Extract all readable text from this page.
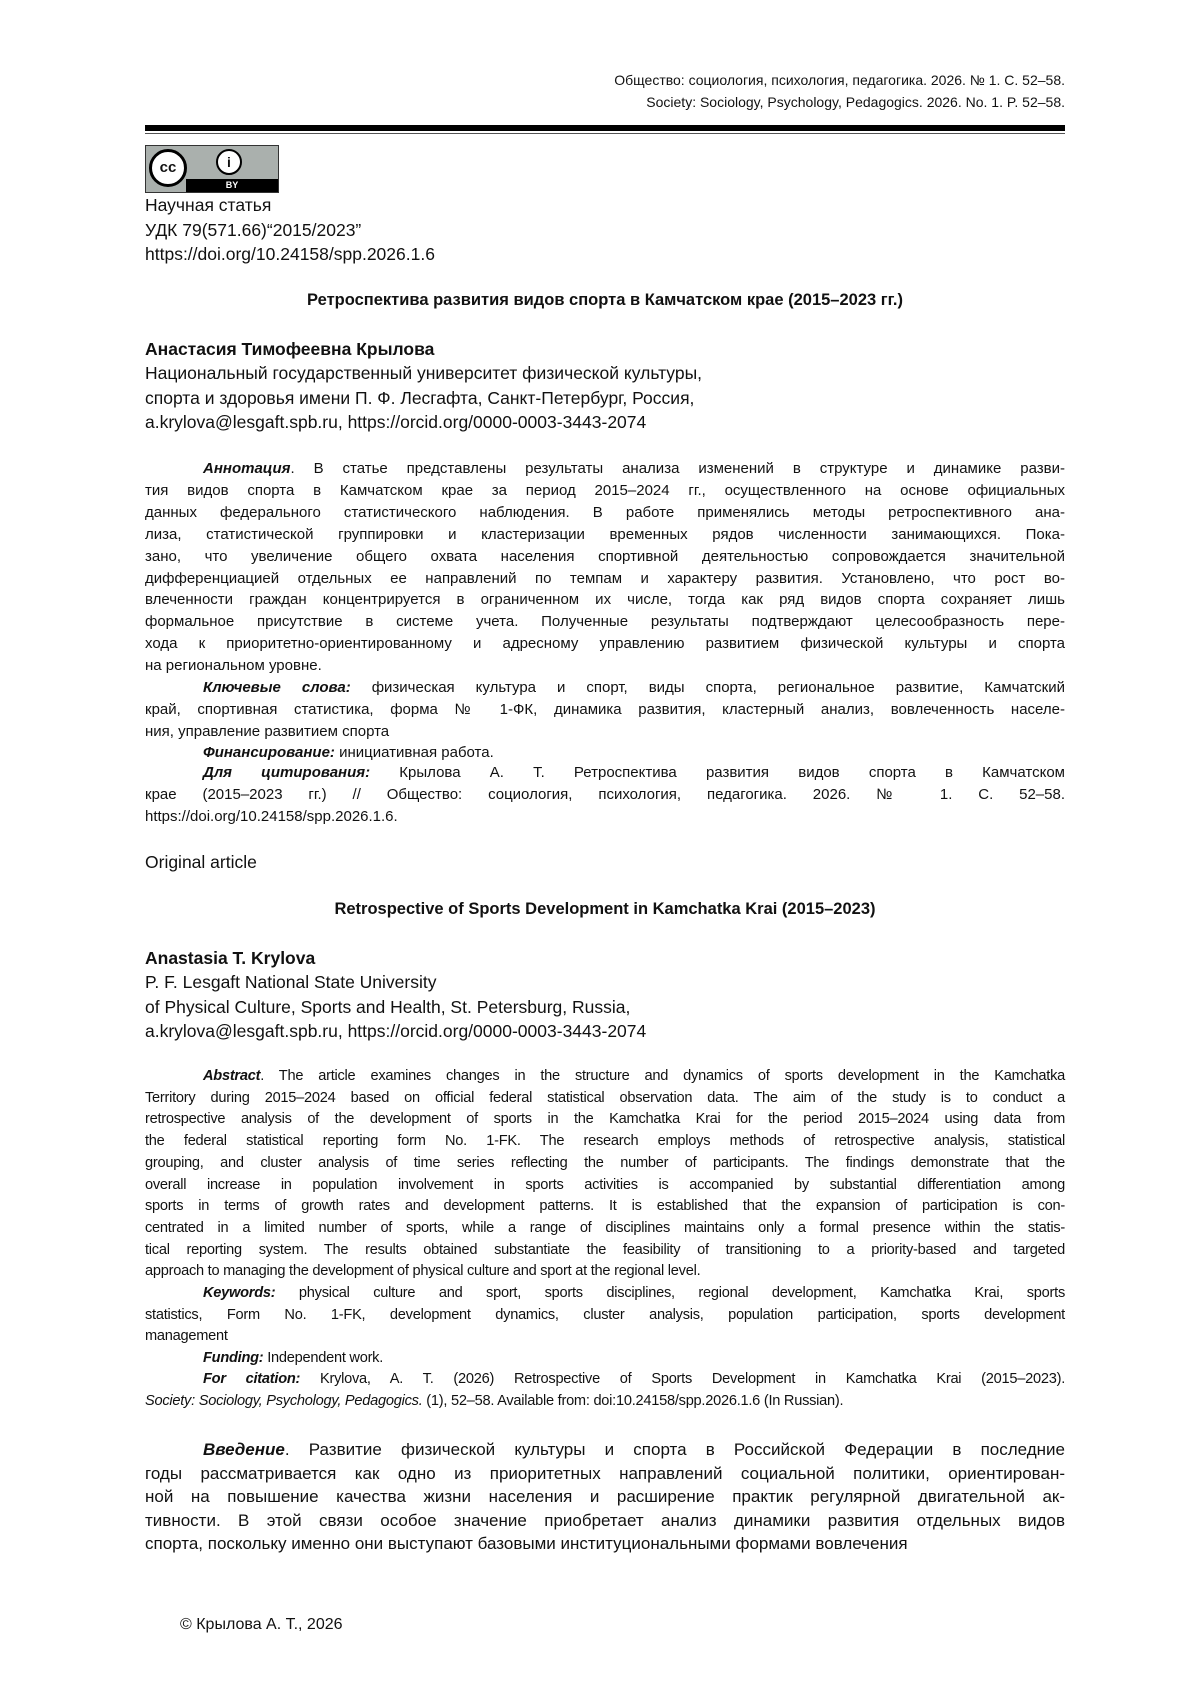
Общество: социология, психология, педагогика. 2026. № 1. С. 52–58.
Society: Sociology, Psychology, Pedagogics. 2026. No. 1. P. 52–58.
cc	i
BY
Научная статья
УДК 79(571.66)“2015/2023”
https://doi.org/10.24158/spp.2026.1.6
Ретроспектива развития видов спорта в Камчатском крае (2015–2023 гг.)
Анастасия Тимофеевна Крылова
Национальный государственный университет физической культуры,
спорта и здоровья имени П. Ф. Лесгафта, Санкт-Петербург, Россия,
a.krylova@lesgaft.spb.ru, https://orcid.org/0000-0003-3443-2074
Аннотация. В статье представлены результаты анализа изменений в структуре и динамике разви-
тия видов спорта в Камчатском крае за период 2015–2024 гг., осуществленного на основе официальных
данных федерального статистического наблюдения. В работе применялись методы ретроспективного ана-
лиза, статистической группировки и кластеризации временных рядов численности занимающихся. Пока-
зано, что увеличение общего охвата населения спортивной деятельностью сопровождается значительной
дифференциацией отдельных ее направлений по темпам и характеру развития. Установлено, что рост во-
влеченности граждан концентрируется в ограниченном их числе, тогда как ряд видов спорта сохраняет лишь
формальное присутствие в системе учета. Полученные результаты подтверждают целесообразность пере-
хода к приоритетно-ориентированному и адресному управлению развитием физической культуры и спорта
на региональном уровне.
Ключевые слова: физическая культура и спорт, виды спорта, региональное развитие, Камчатский
край, спортивная статистика, форма № 1-ФК, динамика развития, кластерный анализ, вовлеченность населе-
ния, управление развитием спорта
Финансирование: инициативная работа.
Для цитирования: Крылова А. Т. Ретроспектива развития видов спорта в Камчатском
крае (2015–2023 гг.) // Общество: социология, психология, педагогика. 2026. № 1. С. 52–58.
https://doi.org/10.24158/spp.2026.1.6.
Original article
Retrospective of Sports Development in Kamchatka Krai (2015–2023)
Anastasia T. Krylova
P. F. Lesgaft National State University
of Physical Culture, Sports and Health, St. Petersburg, Russia,
a.krylova@lesgaft.spb.ru, https://orcid.org/0000-0003-3443-2074
Abstract. The article examines changes in the structure and dynamics of sports development in the Kamchatka
Territory during 2015–2024 based on official federal statistical observation data. The aim of the study is to conduct a
retrospective analysis of the development of sports in the Kamchatka Krai for the period 2015–2024 using data from
the federal statistical reporting form No. 1-FK. The research employs methods of retrospective analysis, statistical
grouping, and cluster analysis of time series reflecting the number of participants. The findings demonstrate that the
overall increase in population involvement in sports activities is accompanied by substantial differentiation among
sports in terms of growth rates and development patterns. It is established that the expansion of participation is con-
centrated in a limited number of sports, while a range of disciplines maintains only a formal presence within the statis-
tical reporting system. The results obtained substantiate the feasibility of transitioning to a priority-based and targeted
approach to managing the development of physical culture and sport at the regional level.
Keywords: physical culture and sport, sports disciplines, regional development, Kamchatka Krai, sports
statistics, Form No. 1-FK, development dynamics, cluster analysis, population participation, sports development
management
Funding: Independent work.
For citation: Krylova, A. T. (2026) Retrospective of Sports Development in Kamchatka Krai (2015–2023).
Society: Sociology, Psychology, Pedagogics. (1), 52–58. Available from: doi:10.24158/spp.2026.1.6 (In Russian).
Введение. Развитие физической культуры и спорта в Российской Федерации в последние
годы рассматривается как одно из приоритетных направлений социальной политики, ориентирован-
ной на повышение качества жизни населения и расширение практик регулярной двигательной ак-
тивности. В этой связи особое значение приобретает анализ динамики развития отдельных видов
спорта, поскольку именно они выступают базовыми институциональными формами вовлечения
© Крылова А. Т., 2026
